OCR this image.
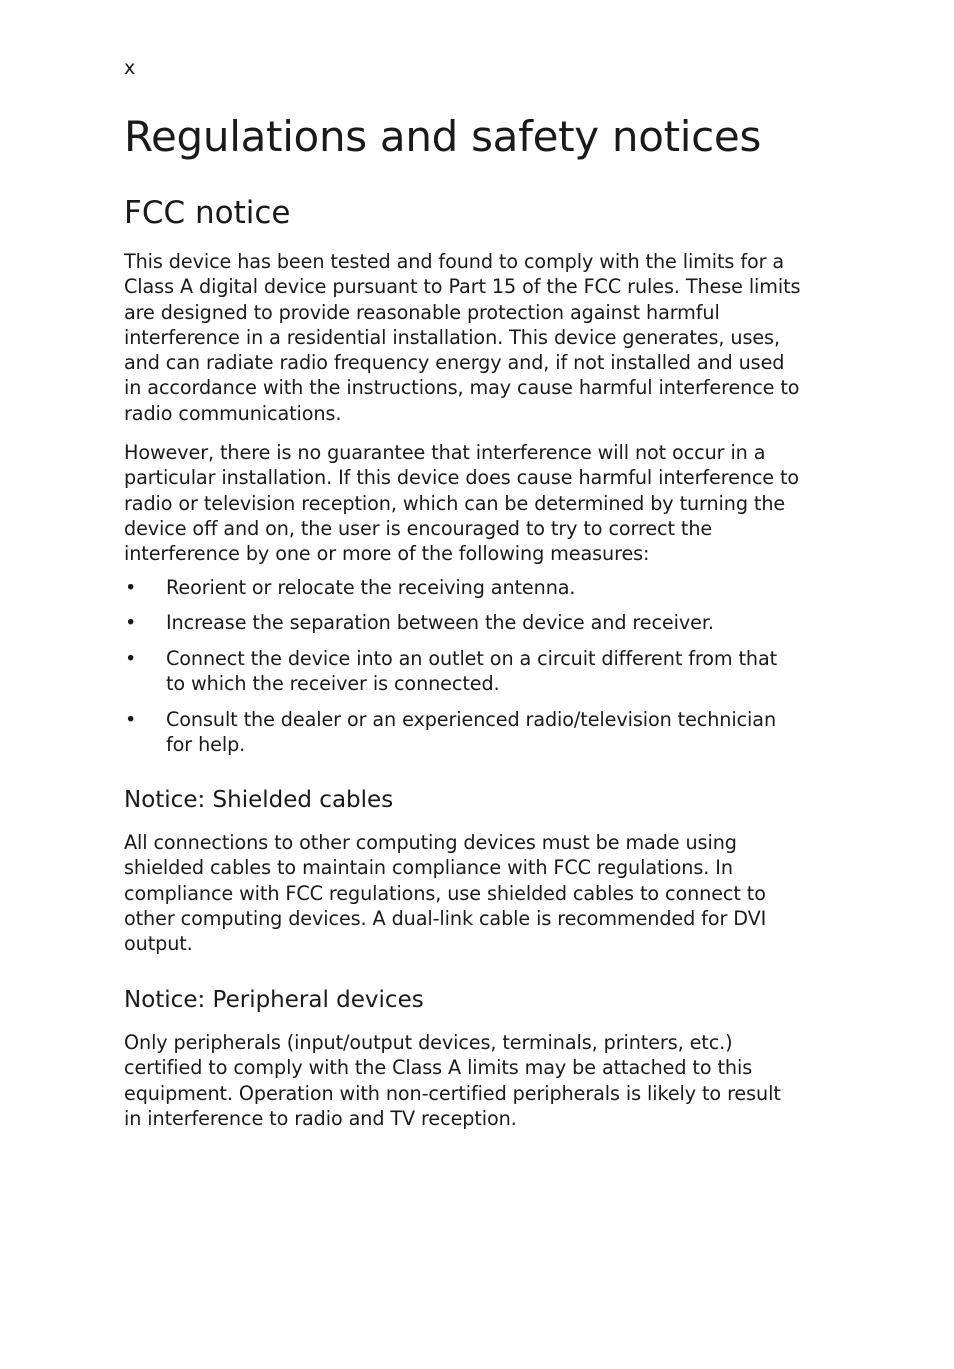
x
Regulations and safety notices
FCC notice

This device has been tested and found to comply with the limits for a
Class A digital device pursuant to Part 15 of the FCC rules. These limits
are designed to provide reasonable protection against harmful
interference in a residential installation. This device generates, uses,
and can radiate radio frequency energy and, if not installed and used
in accordance with the instructions, may cause harmful interference to
radio communications.

However, there is no guarantee that interference will not occur in a
particular installation. If this device does cause harmful interference to
radio or television reception, which can be determined by turning the
device off and on, the user is encouraged to try to correct the
interference by one or more of the following measures:

• Reorient or relocate the receiving antenna.
• Increase the separation between the device and receiver.
• Connect the device into an outlet on a circuit different from that
to which the receiver is connected.
• Consult the dealer or an experienced radio/television technician
for help.
Notice: Shielded cables

All connections to other computing devices must be made using
shielded cables to maintain compliance with FCC regulations. In
compliance with FCC regulations, use shielded cables to connect to
other computing devices. A dual-link cable is recommended for DVI
output.

Notice: Peripheral devices

Only peripherals (input/output devices, terminals, printers, etc.)
certified to comply with the Class A limits may be attached to this
equipment. Operation with non-certified peripherals is likely to result
in interference to radio and TV reception.
